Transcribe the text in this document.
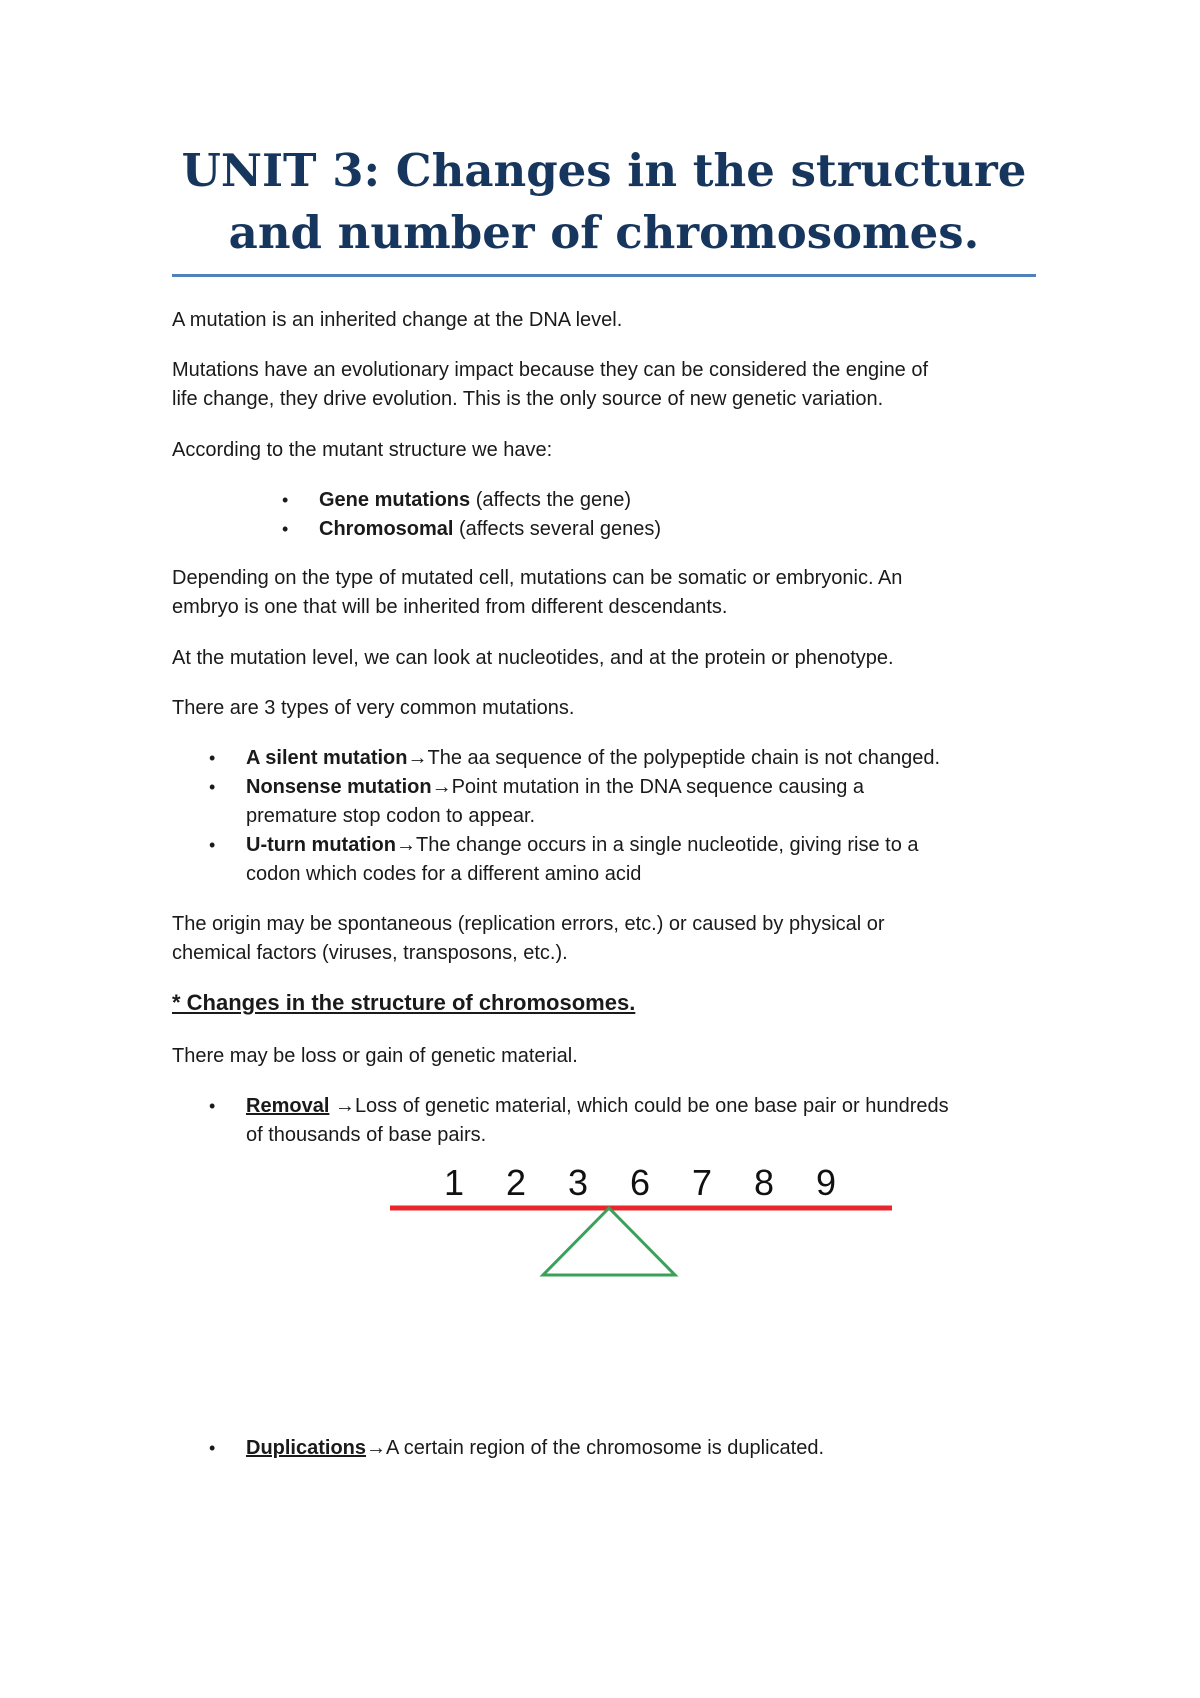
UNIT 3: Changes in the structure
and number of chromosomes.

A mutation is an inherited change at the DNA level.

Mutations have an evolutionary impact because they can be considered the engine of
life change, they drive evolution. This is the only source of new genetic variation.

According to the mutant structure we have:

• Gene mutations (affects the gene)
• Chromosomal (affects several genes)
Depending on the type of mutated cell, mutations can be somatic or embryonic. An
embryo is one that will be inherited from different descendants.

At the mutation level, we can look at nucleotides, and at the protein or phenotype.

There are 3 types of very common mutations.

• A silent mutation→The aa sequence of the polypeptide chain is not changed.
• Nonsense mutation→Point mutation in the DNA sequence causing a
premature stop codon to appear.
• U-turn mutation→The change occurs in a single nucleotide, giving rise to a
codon which codes for a different amino acid
The origin may be spontaneous (replication errors, etc.) or caused by physical or
chemical factors (viruses, transposons, etc.).
* Changes in the structure of chromosomes.

There may be loss or gain of genetic material.

• Removal →Loss of genetic material, which could be one base pair or hundreds
of thousands of base pairs.
1 2 3 6 7 8 9
• Duplications→A certain region of the chromosome is duplicated.
